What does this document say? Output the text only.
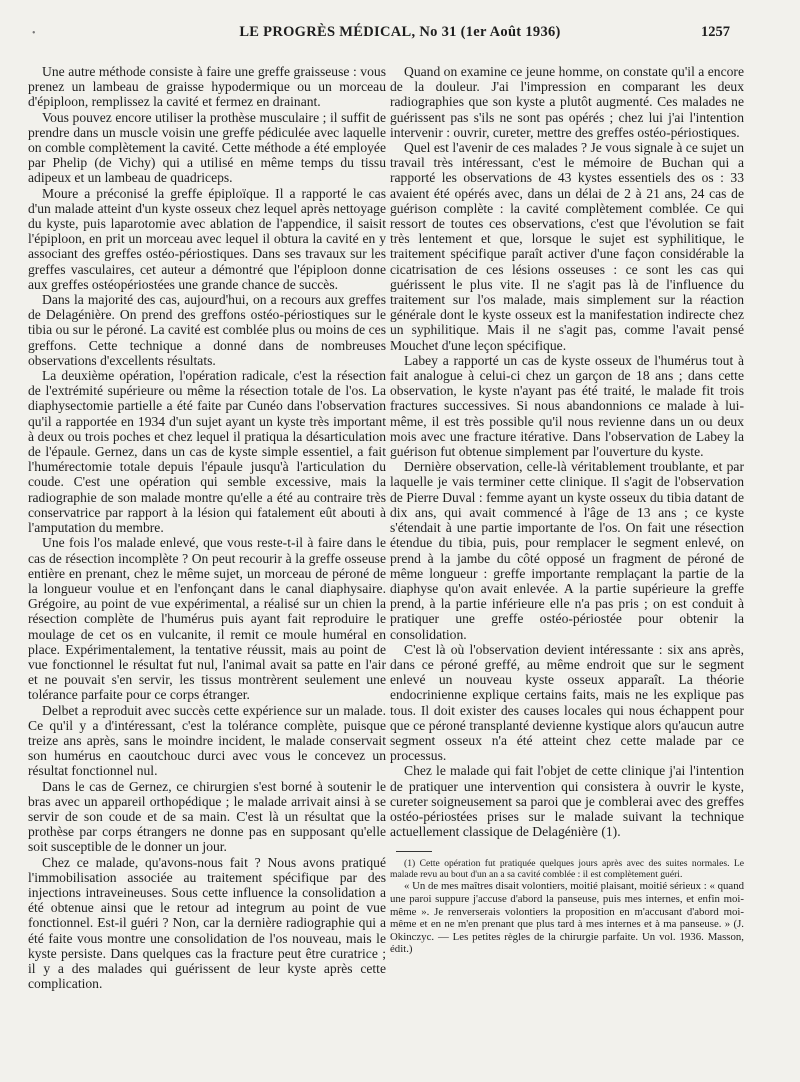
•	LE PROGRÈS MÉDICAL, No 31 (1er Août 1936)	1257

Une autre méthode consiste à faire une greffe graisseuse : vous prenez un lambeau de graisse hypodermique ou un morceau d'épiploon, remplissez la cavité et fermez en drainant.

Vous pouvez encore utiliser la prothèse musculaire ; il suffit de prendre dans un muscle voisin une greffe pédiculée avec laquelle on comble complètement la cavité. Cette méthode a été employée par Phelip (de Vichy) qui a utilisé en même temps du tissu adipeux et un lambeau de quadriceps.

Moure a préconisé la greffe épiploïque. Il a rapporté le cas d'un malade atteint d'un kyste osseux chez lequel après nettoyage du kyste, puis laparotomie avec ablation de l'appendice, il saisit l'épiploon, en prit un morceau avec lequel il obtura la cavité en y associant des greffes ostéo-périostiques. Dans ses travaux sur les greffes vasculaires, cet auteur a démontré que l'épiploon donne aux greffes ostéopériostées une grande chance de succès.

Dans la majorité des cas, aujourd'hui, on a recours aux greffes de Delagénière. On prend des greffons ostéo-périostiques sur le tibia ou sur le péroné. La cavité est comblée plus ou moins de ces greffons. Cette technique a donné dans de nombreuses observations d'excellents résultats.

La deuxième opération, l'opération radicale, c'est la résection de l'extrémité supérieure ou même la résection totale de l'os. La diaphysectomie partielle a été faite par Cunéo dans l'observation qu'il a rapportée en 1934 d'un sujet ayant un kyste très important à deux ou trois poches et chez lequel il pratiqua la désarticulation de l'épaule. Gernez, dans un cas de kyste simple essentiel, a fait l'humérectomie totale depuis l'épaule jusqu'à l'articulation du coude. C'est une opération qui semble excessive, mais la radiographie de son malade montre qu'elle a été au contraire très conservatrice par rapport à la lésion qui fatalement eût abouti à l'amputation du membre.

Une fois l'os malade enlevé, que vous reste-t-il à faire dans le cas de résection incomplète ? On peut recourir à la greffe osseuse entière en prenant, chez le même sujet, un morceau de péroné de la longueur voulue et en l'enfonçant dans le canal diaphysaire. Grégoire, au point de vue expérimental, a réalisé sur un chien la résection complète de l'humérus puis ayant fait reproduire le moulage de cet os en vulcanite, il remit ce moule huméral en place. Expérimentalement, la tentative réussit, mais au point de vue fonctionnel le résultat fut nul, l'animal avait sa patte en l'air et ne pouvait s'en servir, les tissus montrèrent seulement une tolérance parfaite pour ce corps étranger.

Delbet a reproduit avec succès cette expérience sur un malade. Ce qu'il y a d'intéressant, c'est la tolérance complète, puisque treize ans après, sans le moindre incident, le malade conservait son humérus en caoutchouc durci avec vous le concevez un résultat fonctionnel nul.

Dans le cas de Gernez, ce chirurgien s'est borné à soutenir le bras avec un appareil orthopédique ; le malade arrivait ainsi à se servir de son coude et de sa main. C'est là un résultat que la prothèse par corps étrangers ne donne pas en supposant qu'elle soit susceptible de le donner un jour.

Chez ce malade, qu'avons-nous fait ? Nous avons pratiqué l'immobilisation associée au traitement spécifique par des injections intraveineuses. Sous cette influence la consolidation a été obtenue ainsi que le retour ad integrum au point de vue fonctionnel. Est-il guéri ? Non, car la dernière radiographie qui a été faite vous montre une consolidation de l'os nouveau, mais le kyste persiste. Dans quelques cas la fracture peut être curatrice ; il y a des malades qui guérissent de leur kyste après cette complication.

Quand on examine ce jeune homme, on constate qu'il a encore de la douleur. J'ai l'impression en comparant les deux radiographies que son kyste a plutôt augmenté. Ces malades ne guérissent pas s'ils ne sont pas opérés ; chez lui j'ai l'intention intervenir : ouvrir, cureter, mettre des greffes ostéo-périostiques.

Quel est l'avenir de ces malades ? Je vous signale à ce sujet un travail très intéressant, c'est le mémoire de Buchan qui a rapporté les observations de 43 kystes essentiels des os : 33 avaient été opérés avec, dans un délai de 2 à 21 ans, 24 cas de guérison complète : la cavité complètement comblée. Ce qui ressort de toutes ces observations, c'est que l'évolution se fait très lentement et que, lorsque le sujet est syphilitique, le traitement spécifique paraît activer d'une façon considérable la cicatrisation de ces lésions osseuses : ce sont les cas qui guérissent le plus vite. Il ne s'agit pas là de l'influence du traitement sur l'os malade, mais simplement sur la réaction générale dont le kyste osseux est la manifestation indirecte chez un syphilitique. Mais il ne s'agit pas, comme l'avait pensé Mouchet d'une leçon spécifique.

Labey a rapporté un cas de kyste osseux de l'humérus tout à fait analogue à celui-ci chez un garçon de 18 ans ; dans cette observation, le kyste n'ayant pas été traité, le malade fit trois fractures successives. Si nous abandonnions ce malade à lui-même, il est très possible qu'il nous revienne dans un ou deux mois avec une fracture itérative. Dans l'observation de Labey la guérison fut obtenue simplement par l'ouverture du kyste.

Dernière observation, celle-là véritablement troublante, et par laquelle je vais terminer cette clinique. Il s'agit de l'observation de Pierre Duval : femme ayant un kyste osseux du tibia datant de dix ans, qui avait commencé à l'âge de 13 ans ; ce kyste s'étendait à une partie importante de l'os. On fait une résection étendue du tibia, puis, pour remplacer le segment enlevé, on prend à la jambe du côté opposé un fragment de péroné de même longueur : greffe importante remplaçant la partie de la diaphyse qu'on avait enlevée. A la partie supérieure la greffe prend, à la partie inférieure elle n'a pas pris ; on est conduit à pratiquer une greffe ostéo-périostée pour obtenir la consolidation.

C'est là où l'observation devient intéressante : six ans après, dans ce péroné greffé, au même endroit que sur le segment enlevé un nouveau kyste osseux apparaît. La théorie endocrinienne explique certains faits, mais ne les explique pas tous. Il doit exister des causes locales qui nous échappent pour que ce péroné transplanté devienne kystique alors qu'aucun autre segment osseux n'a été atteint chez cette malade par ce processus.

Chez le malade qui fait l'objet de cette clinique j'ai l'intention de pratiquer une intervention qui consistera à ouvrir le kyste, cureter soigneusement sa paroi que je comblerai avec des greffes ostéo-périostées prises sur le malade suivant la technique actuellement classique de Delagénière (1).

(1) Cette opération fut pratiquée quelques jours après avec des suites normales. Le malade revu au bout d'un an a sa cavité comblée : il est complètement guéri.

« Un de mes maîtres disait volontiers, moitié plaisant, moitié sérieux : « quand une paroi suppure j'accuse d'abord la panseuse, puis mes internes, et enfin moi-même ». Je renverserais volontiers la proposition en m'accusant d'abord moi-même et en ne m'en prenant que plus tard à mes internes et à ma panseuse. » (J. Okinczyc. — Les petites règles de la chirurgie parfaite. Un vol. 1936. Masson, édit.)
